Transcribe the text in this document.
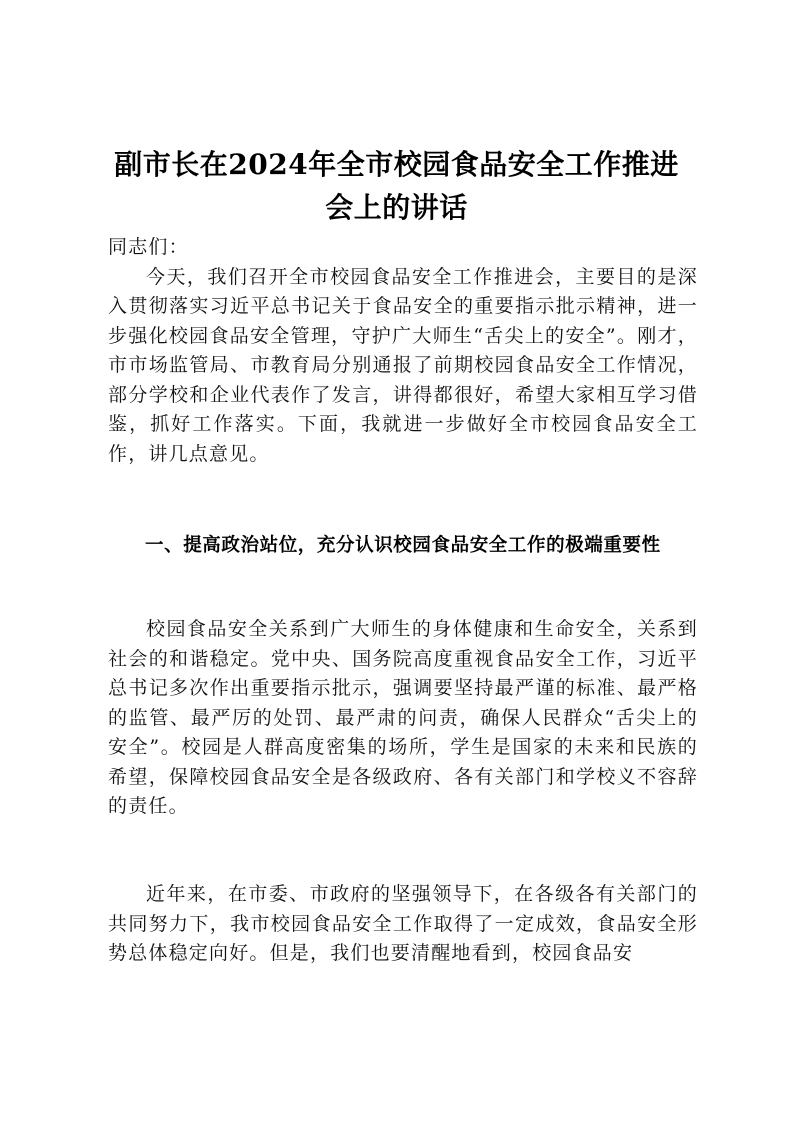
副市长在2024年全市校园食品安全工作推进
会上的讲话

同志们：

今天，我们召开全市校园食品安全工作推进会，主要目的是深入贯彻落实习近平总书记关于食品安全的重要指示批示精神，进一步强化校园食品安全管理，守护广大师生“舌尖上的安全”。刚才，市市场监管局、市教育局分别通报了前期校园食品安全工作情况，部分学校和企业代表作了发言，讲得都很好，希望大家相互学习借鉴，抓好工作落实。下面，我就进一步做好全市校园食品安全工作，讲几点意见。

一、提高政治站位，充分认识校园食品安全工作的极端重要性

校园食品安全关系到广大师生的身体健康和生命安全，关系到社会的和谐稳定。党中央、国务院高度重视食品安全工作，习近平总书记多次作出重要指示批示，强调要坚持最严谨的标准、最严格的监管、最严厉的处罚、最严肃的问责，确保人民群众“舌尖上的安全”。校园是人群高度密集的场所，学生是国家的未来和民族的希望，保障校园食品安全是各级政府、各有关部门和学校义不容辞的责任。

近年来，在市委、市政府的坚强领导下，在各级各有关部门的共同努力下，我市校园食品安全工作取得了一定成效，食品安全形势总体稳定向好。但是，我们也要清醒地看到，校园食品安
